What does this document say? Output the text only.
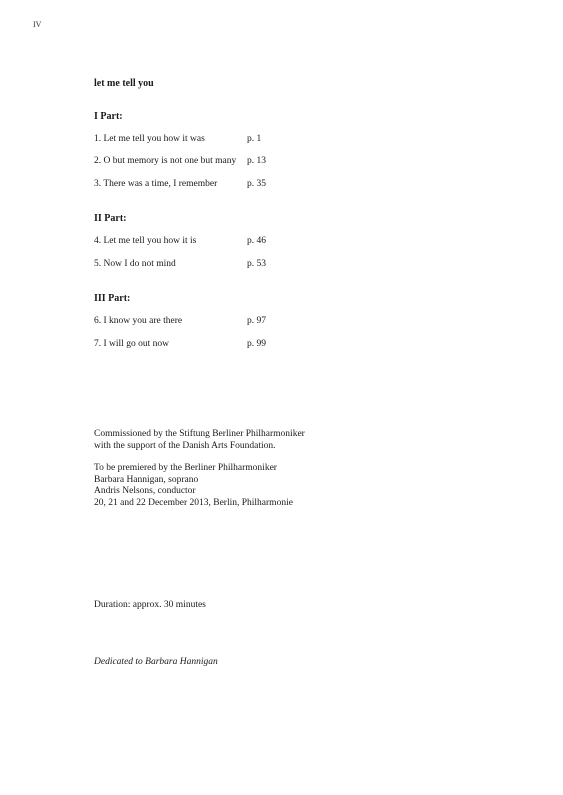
IV
let me tell you
I Part:
1. Let me tell you how it was	p. 1
2. O but memory is not one but many p. 13
3. There was a time, I remember	p. 35
II Part:
4. Let me tell you how it is	p. 46
5. Now I do not mind	p. 53
III Part:
6. I know you are there	p. 97
7. I will go out now	p. 99
Commissioned by the Stiftung Berliner Philharmoniker
with the support of the Danish Arts Foundation.
To be premiered by the Berliner Philharmoniker
Barbara Hannigan, soprano
Andris Nelsons, conductor
20, 21 and 22 December 2013, Berlin, Philharmonie
Duration: approx. 30 minutes
Dedicated to Barbara Hannigan
